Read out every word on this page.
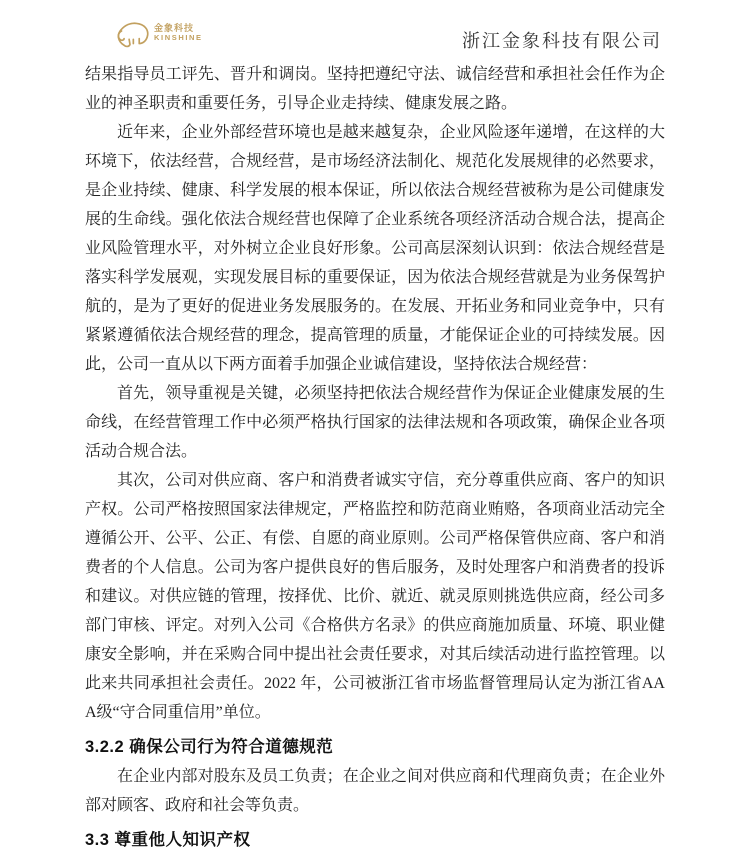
金象科技
KINSHINE	浙江金象科技有限公司

结果指导员工评先、晋升和调岗。坚持把遵纪守法、诚信经营和承担社会任作为企业的神圣职责和重要任务，引导企业走持续、健康发展之路。

近年来，企业外部经营环境也是越来越复杂，企业风险逐年递增，在这样的大环境下，依法经营，合规经营，是市场经济法制化、规范化发展规律的必然要求，是企业持续、健康、科学发展的根本保证，所以依法合规经营被称为是公司健康发展的生命线。强化依法合规经营也保障了企业系统各项经济活动合规合法，提高企业风险管理水平，对外树立企业良好形象。公司高层深刻认识到：依法合规经营是落实科学发展观，实现发展目标的重要保证，因为依法合规经营就是为业务保驾护航的，是为了更好的促进业务发展服务的。在发展、开拓业务和同业竞争中，只有紧紧遵循依法合规经营的理念，提高管理的质量，才能保证企业的可持续发展。因此，公司一直从以下两方面着手加强企业诚信建设，坚持依法合规经营：

首先，领导重视是关键，必须坚持把依法合规经营作为保证企业健康发展的生命线，在经营管理工作中必须严格执行国家的法律法规和各项政策，确保企业各项活动合规合法。

其次，公司对供应商、客户和消费者诚实守信，充分尊重供应商、客户的知识产权。公司严格按照国家法律规定，严格监控和防范商业贿赂，各项商业活动完全遵循公开、公平、公正、有偿、自愿的商业原则。公司严格保管供应商、客户和消费者的个人信息。公司为客户提供良好的售后服务，及时处理客户和消费者的投诉和建议。对供应链的管理，按择优、比价、就近、就灵原则挑选供应商，经公司多部门审核、评定。对列入公司《合格供方名录》的供应商施加质量、环境、职业健康安全影响，并在采购合同中提出社会责任要求，对其后续活动进行监控管理。以此来共同承担社会责任。2022 年，公司被浙江省市场监督管理局认定为浙江省AAA级“守合同重信用”单位。

3.2.2 确保公司行为符合道德规范

在企业内部对股东及员工负责；在企业之间对供应商和代理商负责；在企业外部对顾客、政府和社会等负责。

3.3 尊重他人知识产权
